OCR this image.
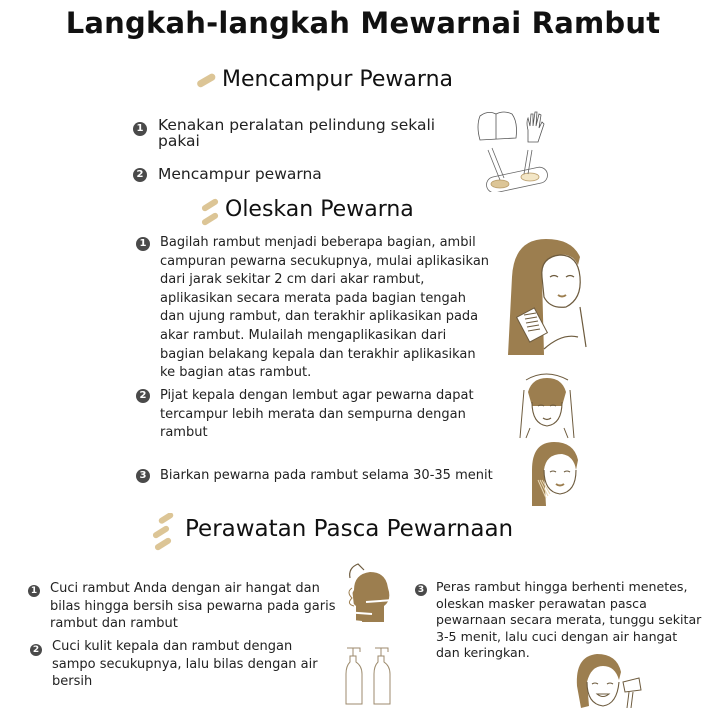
Langkah-langkah Mewarnai Rambut
Mencampur Pewarna
1 Kenakan peralatan pelindung sekali pakai
2 Mencampur pewarna
Oleskan Pewarna
1 Bagilah rambut menjadi beberapa bagian, ambil
campuran pewarna secukupnya, mulai aplikasikan
dari jarak sekitar 2 cm dari akar rambut,
aplikasikan secara merata pada bagian tengah
dan ujung rambut, dan terakhir aplikasikan pada
akar rambut. Mulailah mengaplikasikan dari
bagian belakang kepala dan terakhir aplikasikan
ke bagian atas rambut.
2 Pijat kepala dengan lembut agar pewarna dapat
tercampur lebih merata dan sempurna dengan
rambut
3 Biarkan pewarna pada rambut selama 30-35 menit
Perawatan Pasca Pewarnaan
1 Cuci rambut Anda dengan air hangat dan
bilas hingga bersih sisa pewarna pada garis
rambut dan rambut
2 Cuci kulit kepala dan rambut dengan
sampo secukupnya, lalu bilas dengan air
bersih
3 Peras rambut hingga berhenti menetes,
oleskan masker perawatan pasca
pewarnaan secara merata, tunggu sekitar
3-5 menit, lalu cuci dengan air hangat
dan keringkan.
